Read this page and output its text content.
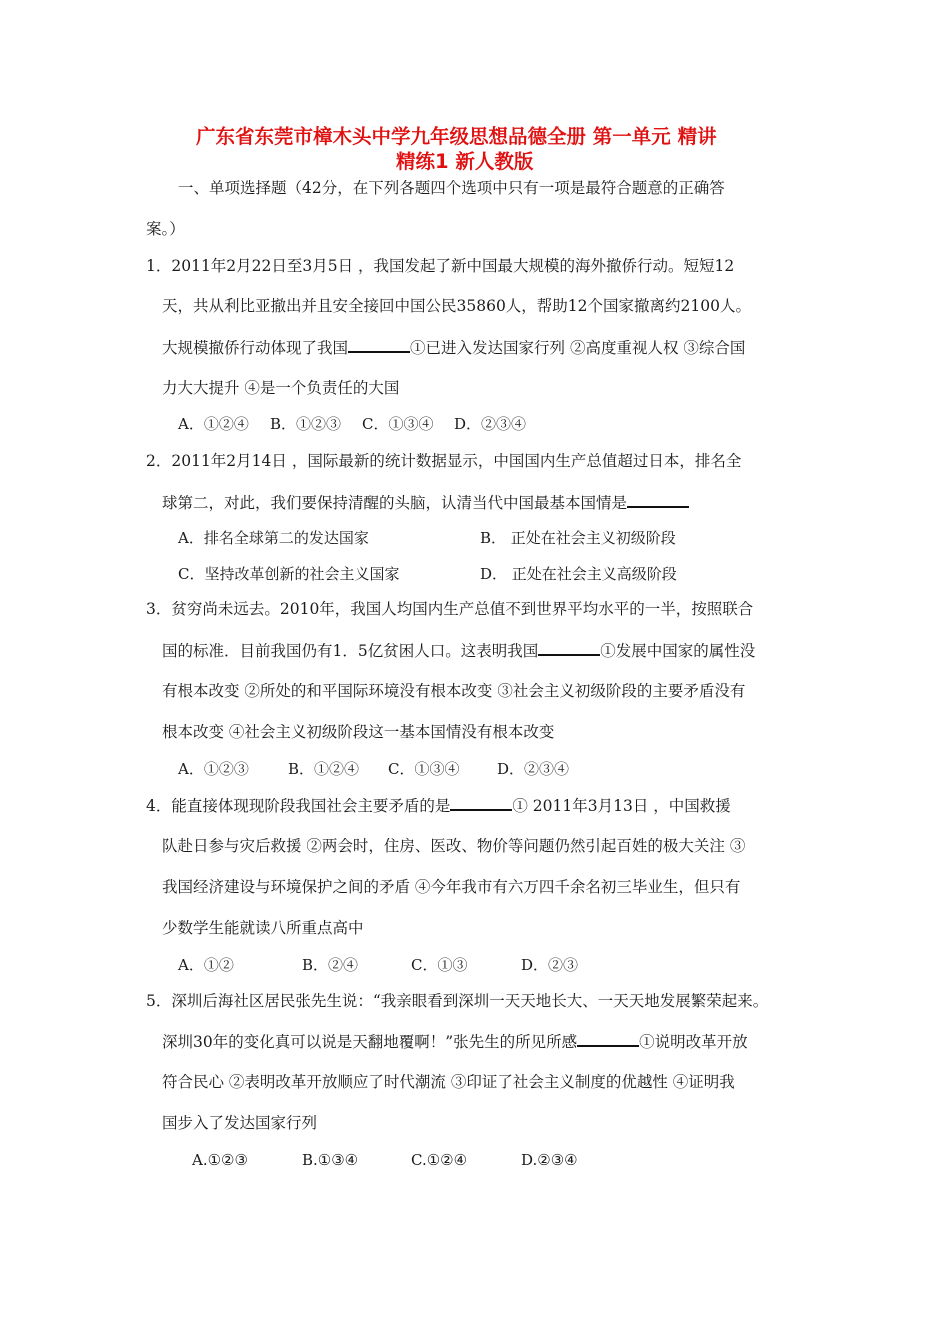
广东省东莞市樟木头中学九年级思想品德全册 第一单元 精讲
精练1 新人教版
一、单项选择题（42分，在下列各题四个选项中只有一项是最符合题意的正确答
案。）
1．2011年2月22日至3月5日 ，我国发起了新中国最大规模的海外撤侨行动。短短12
天，共从利比亚撤出并且安全接回中国公民35860人，帮助12个国家撤离约2100人。
大规模撤侨行动体现了我国	①已进入发达国家行列 ②高度重视人权 ③综合国
力大大提升 ④是一个负责任的大国
A．①②④ B．①②③ C．①③④ D．②③④
2．2011年2月14日 ，国际最新的统计数据显示，中国国内生产总值超过日本，排名全
球第二，对此，我们要保持清醒的头脑，认清当代中国最基本国情是
A．排名全球第二的发达国家	B． 正处在社会主义初级阶段
C．坚持改革创新的社会主义国家	D． 正处在社会主义高级阶段
3．贫穷尚未远去。2010年，我国人均国内生产总值不到世界平均水平的一半，按照联合
国的标准．目前我国仍有1．5亿贫困人口。这表明我国	①发展中国家的属性没
有根本改变 ②所处的和平国际环境没有根本改变 ③社会主义初级阶段的主要矛盾没有
根本改变 ④社会主义初级阶段这一基本国情没有根本改变
A．①②③	B．①②④ C．①③④	D．②③④
4．能直接体现现阶段我国社会主要矛盾的是	① 2011年3月13日 ，中国救援
队赴日参与灾后救援 ②两会时，住房、医改、物价等问题仍然引起百姓的极大关注 ③
我国经济建设与环境保护之间的矛盾 ④今年我市有六万四千余名初三毕业生，但只有
少数学生能就读八所重点高中
A．①②	B．②④	C．①③	D．②③
5．深圳后海社区居民张先生说：“我亲眼看到深圳一天天地长大、一天天地发展繁荣起来。
深圳30年的变化真可以说是天翻地覆啊！”张先生的所见所感	①说明改革开放
符合民心 ②表明改革开放顺应了时代潮流 ③印证了社会主义制度的优越性 ④证明我
国步入了发达国家行列
A.①②③	B.①③④	C.①②④	D.②③④
